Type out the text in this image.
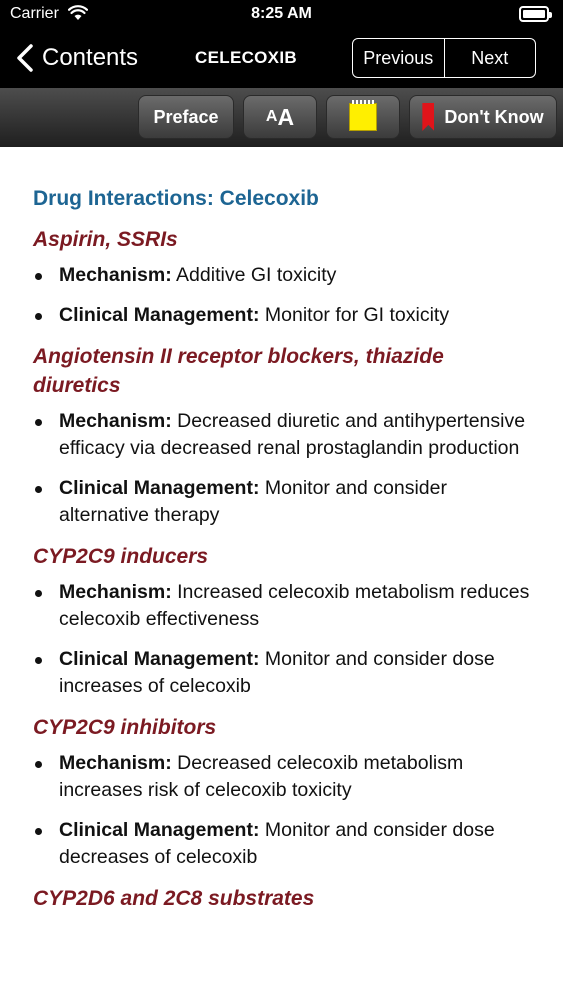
Carrier	8:25 AM
Contents	CELECOXIB	Previous	Next
Preface	A A	Don't Know
Drug Interactions: Celecoxib
Aspirin, SSRIs
Mechanism: Additive GI toxicity
Clinical Management: Monitor for GI toxicity
Angiotensin II receptor blockers, thiazide diuretics
Mechanism: Decreased diuretic and antihypertensive efficacy via decreased renal prostaglandin production
Clinical Management: Monitor and consider alternative therapy
CYP2C9 inducers
Mechanism: Increased celecoxib metabolism reduces celecoxib effectiveness
Clinical Management: Monitor and consider dose increases of celecoxib
CYP2C9 inhibitors
Mechanism: Decreased celecoxib metabolism increases risk of celecoxib toxicity
Clinical Management: Monitor and consider dose decreases of celecoxib
CYP2D6 and 2C8 substrates
